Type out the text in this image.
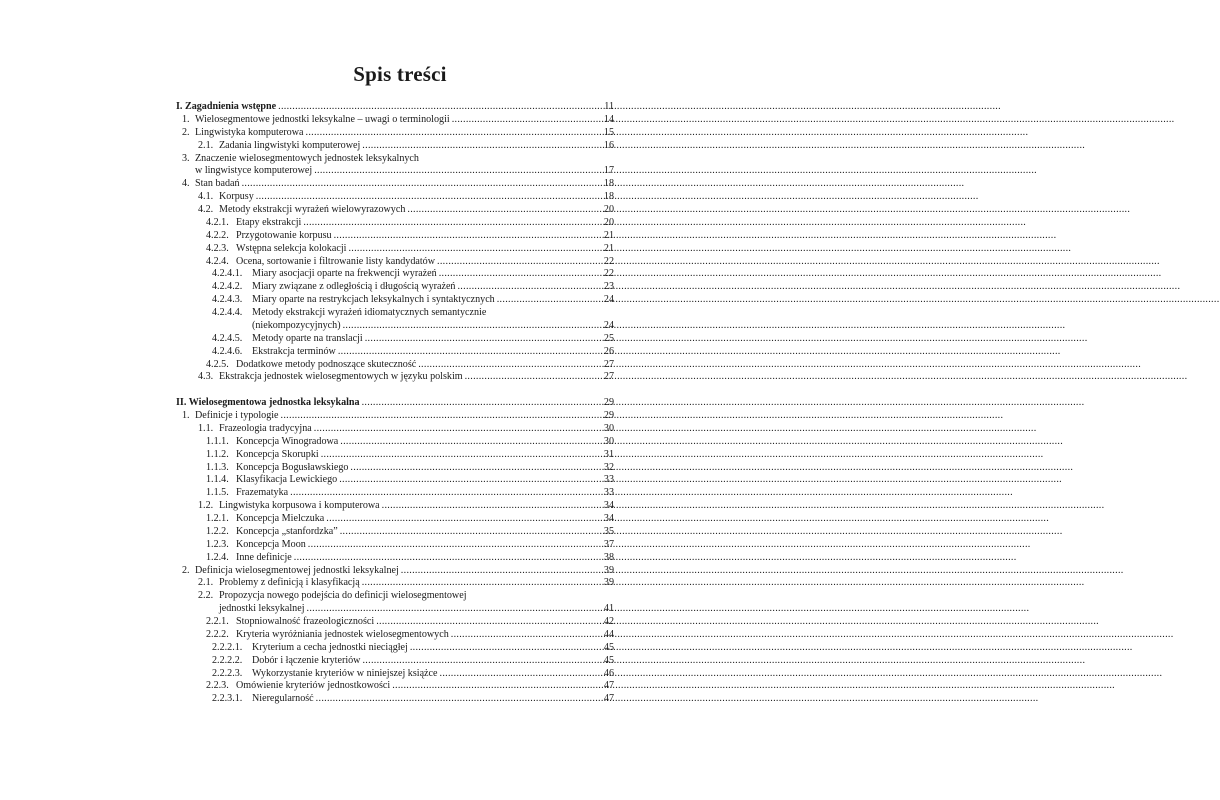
Spis treści
I. Zagadnienia wstępne .....	11
1. Wielosegmentowe jednostki leksykalne – uwagi o terminologii .....	14
2. Lingwistyka komputerowa .....	15
2.1. Zadania lingwistyki komputerowej .....	16
3. Znaczenie wielosegmentowych jednostek leksykalnych
w lingwistyce komputerowej .....	17
4. Stan badań .....	18
4.1. Korpusy .....	18
4.2. Metody ekstrakcji wyrażeń wielowyrazowych .....	20
4.2.1. Etapy ekstrakcji .....	20
4.2.2. Przygotowanie korpusu .....	21
4.2.3. Wstępna selekcja kolokacji .....	21
4.2.4. Ocena, sortowanie i filtrowanie listy kandydatów .....	22
4.2.4.1. Miary asocjacji oparte na frekwencji wyrażeń .....	22
4.2.4.2. Miary związane z odległością i długością wyrażeń .....	23
4.2.4.3. Miary oparte na restrykcjach leksykalnych i syntaktycznych .....	24
4.2.4.4. Metody ekstrakcji wyrażeń idiomatycznych semantycznie
(niekompozycyjnych) .....	24
4.2.4.5. Metody oparte na translacji .....	25
4.2.4.6. Ekstrakcja terminów .....	26
4.2.5. Dodatkowe metody podnoszące skuteczność .....	27
4.3. Ekstrakcja jednostek wielosegmentowych w języku polskim .....	27
II. Wielosegmentowa jednostka leksykalna .....	29
1. Definicje i typologie .....	29
1.1. Frazeologia tradycyjna .....	30
1.1.1. Koncepcja Winogradowa .....	30
1.1.2. Koncepcja Skorupki .....	31
1.1.3. Koncepcja Bogusławskiego .....	32
1.1.4. Klasyfikacja Lewickiego .....	33
1.1.5. Frazematyka .....	33
1.2. Lingwistyka korpusowa i komputerowa .....	34
1.2.1. Koncepcja Mielczuka .....	34
1.2.2. Koncepcja „stanfordzka” .....	35
1.2.3. Koncepcja Moon .....	37
1.2.4. Inne definicje .....	38
2. Definicja wielosegmentowej jednostki leksykalnej .....	39
2.1. Problemy z definicją i klasyfikacją .....	39
2.2. Propozycja nowego podejścia do definicji wielosegmentowej
jednostki leksykalnej .....	41
2.2.1. Stopniowalność frazeologiczności .....	42
2.2.2. Kryteria wyróżniania jednostek wielosegmentowych .....	44
2.2.2.1. Kryterium a cecha jednostki nieciągłej .....	45
2.2.2.2. Dobór i łączenie kryteriów .....	45
2.2.2.3. Wykorzystanie kryteriów w niniejszej książce .....	46
2.2.3. Omówienie kryteriów jednostkowości .....	47
2.2.3.1. Nieregularność .....	47
